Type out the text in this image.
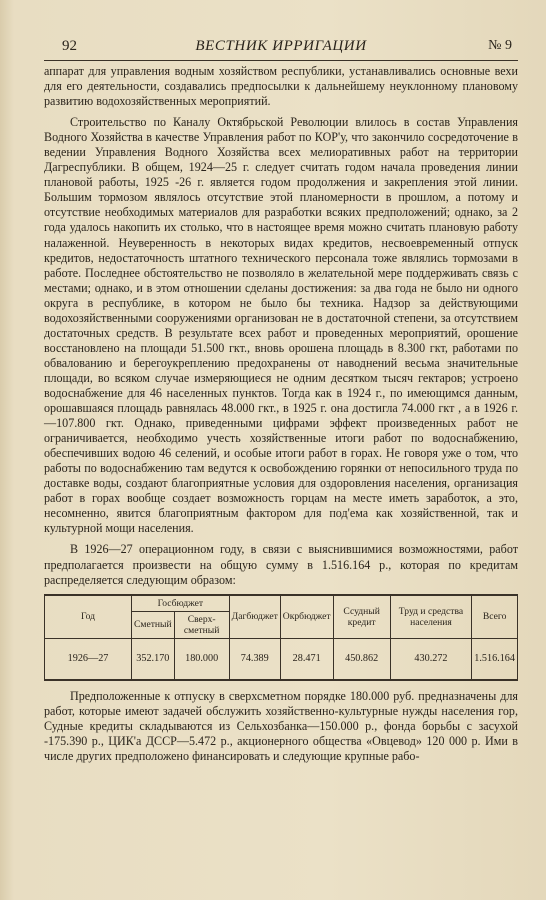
92	ВЕСТНИК ИРРИГАЦИИ	№ 9

аппарат для управления водным хозяйством республики, устанавливались основные вехи для его деятельности, создавались предпосылки к дальнейшему неуклонному плановому развитию водохозяйственных мероприятий.

Строительство по Каналу Октябрьской Революции влилось в состав Управления Водного Хозяйства в качестве Управления работ по КОР'у, что закончило сосредоточение в ведении Управления Водного Хозяйства всех мелиоративных работ на территории Дагреспублики. В общем, 1924—25 г. следует считать годом начала проведения линии плановой работы, 1925 -26 г. является годом продолжения и закрепления этой линии. Большим тормозом являлось отсутствие этой планомерности в прошлом, а потому и отсутствие необходимых материалов для разработки всяких предположений; однако, за 2 года удалось накопить их столько, что в настоящее время можно считать плановую работу налаженной. Неуверенность в некоторых видах кредитов, несвоевременный отпуск кредитов, недостаточность штатного технического персонала тоже являлись тормозами в работе. Последнее обстоятельство не позволяло в желательной мере поддерживать связь с местами; однако, и в этом отношении сделаны достижения: за два года не было ни одного округа в республике, в котором не было бы техника. Надзор за действующими водохозяйственными сооружениями организован не в достаточной степени, за отсутствием достаточных средств. В результате всех работ и проведенных мероприятий, орошение восстановлено на площади 51.500 гкт., вновь орошена площадь в 8.300 гкт, работами по обвалованию и берегоукреплению предохранены от наводнений весьма значительные площади, во всяком случае измеряющиеся не одним десятком тысяч гектаров; устроено водоснабжение для 46 населенных пунктов. Тогда как в 1924 г., по имеющимся данным, орошавшаяся площадь равнялась 48.000 гкт., в 1925 г. она достигла 74.000 гкт , а в 1926 г.—107.800 гкт. Однако, приведенными цифрами эффект произведенных работ не ограничивается, необходимо учесть хозяйственные итоги работ по водоснабжению, обеспечивших водою 46 селений, и особые итоги работ в горах. Не говоря уже о том, что работы по водоснабжению там ведутся к освобождению горянки от непосильного труда по доставке воды, создают благоприятные условия для оздоровления населения, организация работ в горах вообще создает возможность горцам на месте иметь заработок, а это, несомненно, явится благоприятным фактором для под'ема как хозяйственной, так и культурной мощи населения.

В 1926—27 операционном году, в связи с выяснившимися возможностями, работ предполагается произвести на общую сумму в 1.516.164 р., которая по кредитам распределяется следующим образом:

Год	Госбюджет		Дагбюджет	Окрбюджет	Ссудный кредит	Труд и средства населения	Всего
	Сметный	Сверх-сметный					
1926—27	352.170	180.000	74.389	28.471	450.862	430.272	1.516.164

Предположенные к отпуску в сверхсметном порядке 180.000 руб. предназначены для работ, которые имеют задачей обслужить хозяйственно-культурные нужды населения гор, Судные кредиты складываются из Сельхозбанка—150.000 р., фонда борьбы с засухой -175.390 р., ЦИК'а ДССР—5.472 р., акционерного общества «Овцевод» 120 000 р. Ими в числе других предположено финансировать и следующие крупные рабо-
